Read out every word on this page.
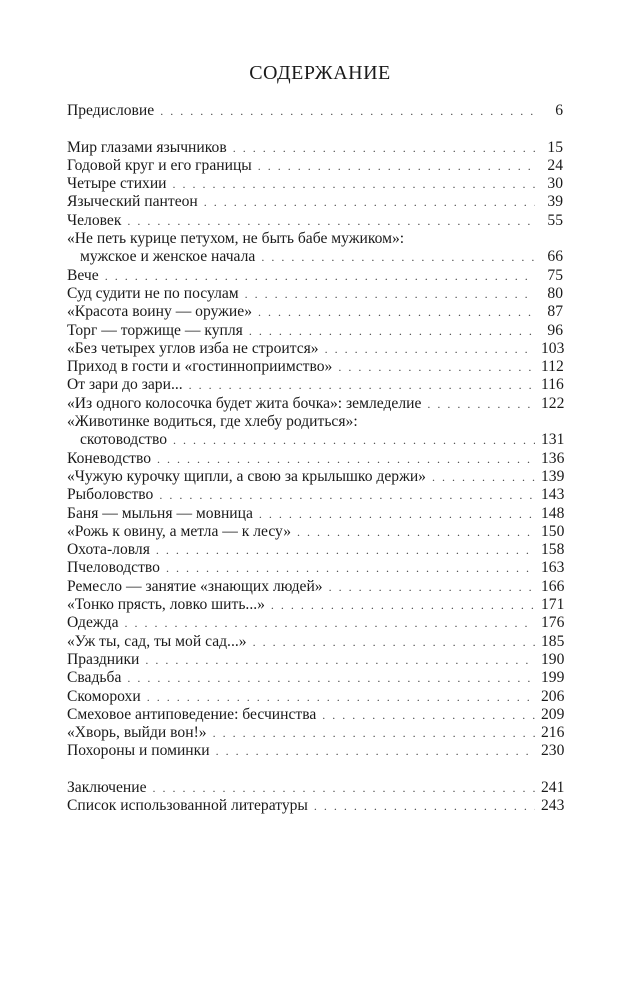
СОДЕРЖАНИЕ
Предисловие . . .	6
Мир глазами язычников . . .	15
Годовой круг и его границы . . .	24
Четыре стихии . . .	30
Языческий пантеон . . .	39
Человек . . .	55
«Не петь курице петухом, не быть бабе мужиком»:
мужское и женское начала . . .	66
Вече . . .	75
Суд судити не по посулам . . .	80
«Красота воину — оружие» . . .	87
Торг — торжище — купля . . .	96
«Без четырех углов изба не строится» . . .	103
Приход в гости и «гостинноприимство» . . .	112
От зари до зари... . . .	116
«Из одного колосочка будет жита бочка»: земледелие . . .	122
«Животинке водиться, где хлебу родиться»:
скотоводство . . .	131
Коневодство . . .	136
«Чужую курочку щипли, а свою за крылышко держи» . . .	139
Рыболовство . . .	143
Баня — мыльня — мовница . . .	148
«Рожь к овину, а метла — к лесу» . . .	150
Охота-ловля . . .	158
Пчеловодство . . .	163
Ремесло — занятие «знающих людей» . . .	166
«Тонко прясть, ловко шить...» . . .	171
Одежда . . .	176
«Уж ты, сад, ты мой сад...» . . .	185
Праздники . . .	190
Свадьба . . .	199
Скоморохи . . .	206
Смеховое антиповедение: бесчинства . . .	209
«Хворь, выйди вон!» . . .	216
Похороны и поминки . . .	230
Заключение . . .	241
Список использованной литературы . . .	243
